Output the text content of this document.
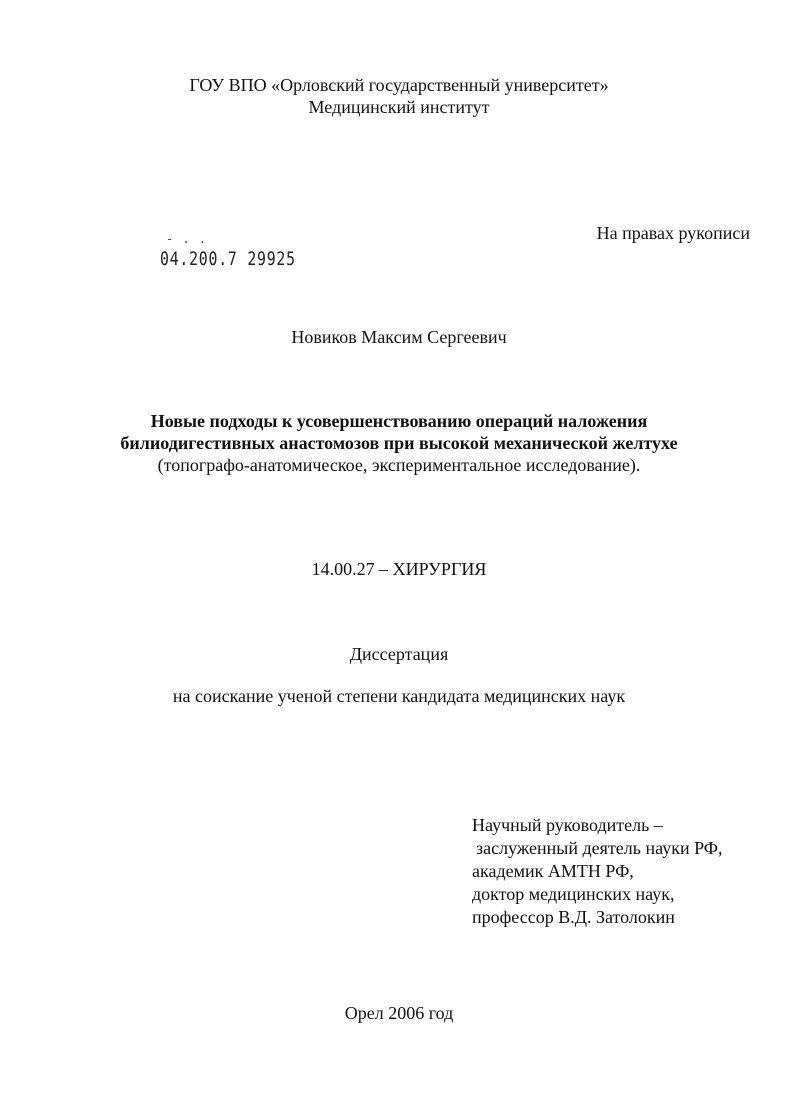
ГОУ ВПО «Орловский государственный университет»
Медицинский институт
На правах рукописи
- . .
04.200.7 29925
Новиков Максим Сергеевич
Новые подходы к усовершенствованию операций наложения
билиодигестивных анастомозов при высокой механической желтухе
(топографо-анатомическое, экспериментальное исследование).
14.00.27 – ХИРУРГИЯ
Диссертация
на соискание ученой степени кандидата медицинских наук
Научный руководитель –
заслуженный деятель науки РФ,
академик АМТН РФ,
доктор медицинских наук,
профессор В.Д. Затолокин
Орел 2006 год
